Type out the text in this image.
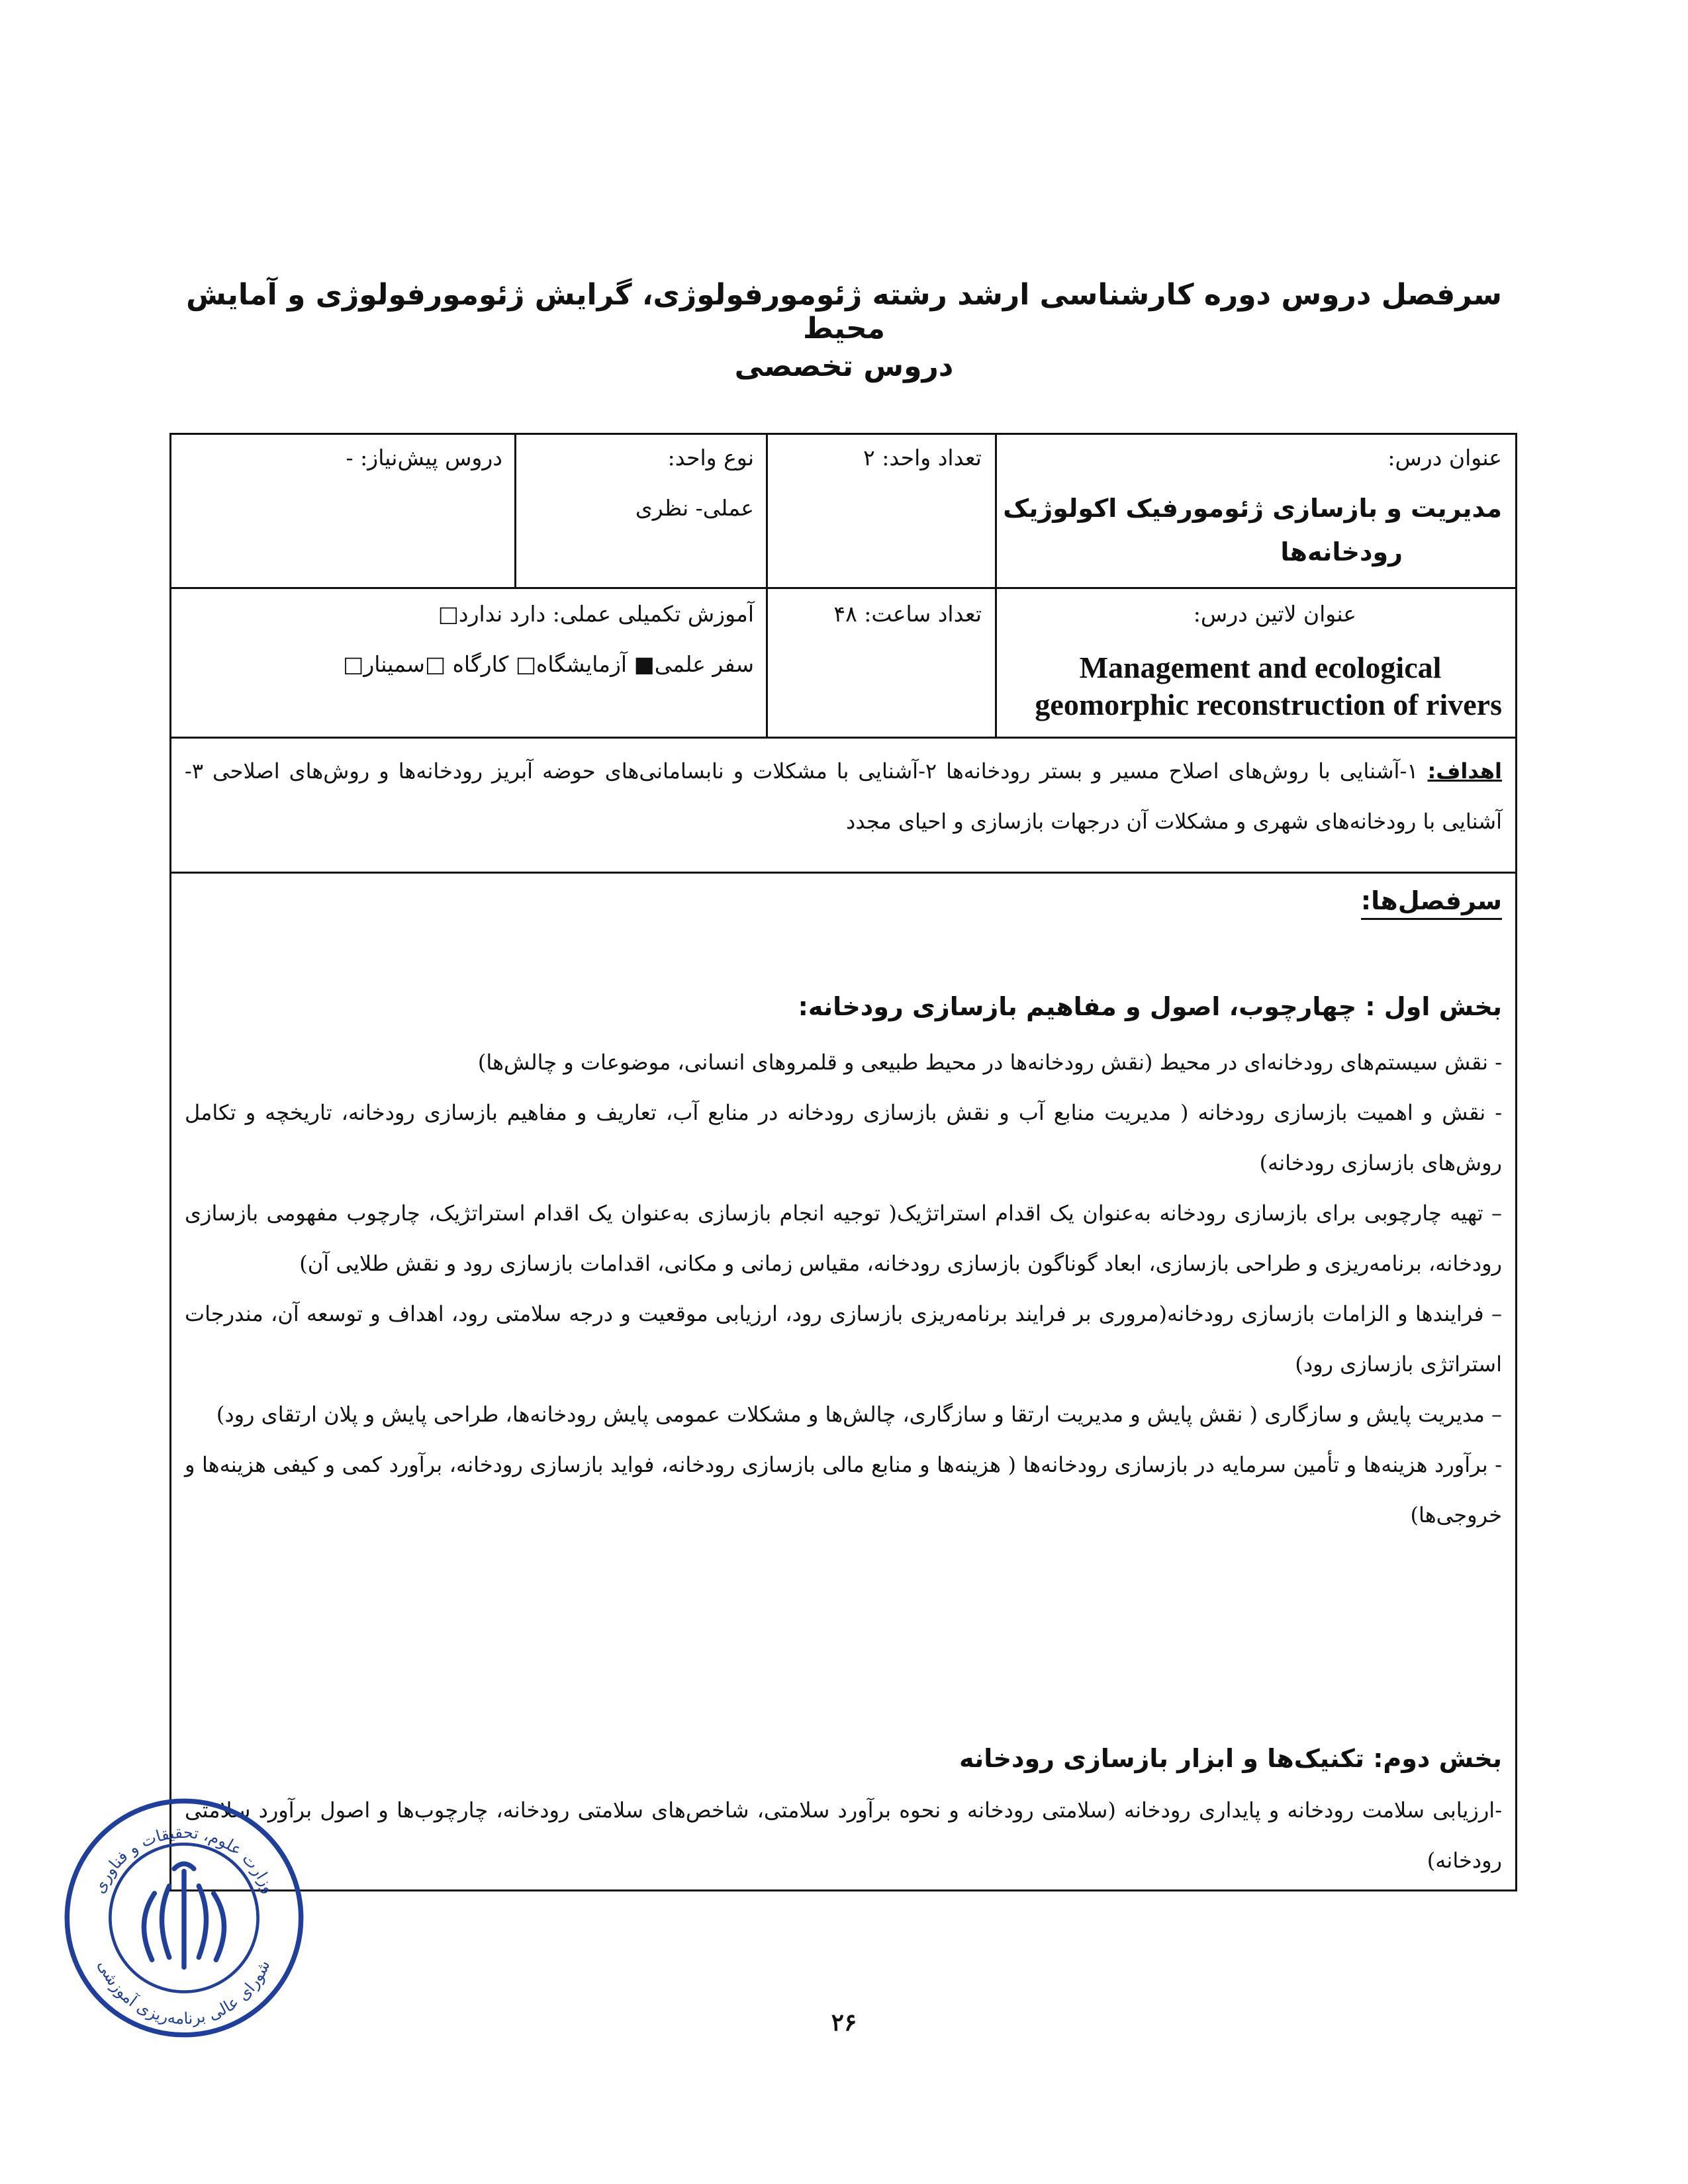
سرفصل دروس دوره کارشناسی ارشد رشته ژئومورفولوژی، گرایش ژئومورفولوژی و آمایش محیط
دروس تخصصی
عنوان درس:
مدیریت و بازسازی ژئومورفیک اکولوژیک
رودخانه‌ها
تعداد واحد: ۲
نوع واحد:
عملی- نظری
دروس پیش‌نیاز: -
عنوان لاتین درس:
Management and ecological
geomorphic reconstruction of rivers
تعداد ساعت: ۴۸
آموزش تکمیلی عملی: دارد ندارد□
سفر علمی■ آزمایشگاه□ کارگاه □سمینار□
اهداف: ۱-آشنایی با روش‌های اصلاح مسیر و بستر رودخانه‌ها ۲-آشنایی با مشکلات و نابسامانی‌های حوضه آبریز رودخانه‌ها و روش‌های اصلاحی ۳- آشنایی با رودخانه‌های شهری و مشکلات آن درجهات بازسازی و احیای مجدد
سرفصل‌ها:
بخش اول : چهارچوب، اصول و مفاهیم بازسازی رودخانه:
- نقش سیستم‌های رودخانه‌ای در محیط (نقش رودخانه‌ها در محیط طبیعی و قلمروهای انسانی، موضوعات و چالش‌ها)
- نقش و اهمیت بازسازی رودخانه ( مدیریت منابع آب و نقش بازسازی رودخانه در منابع آب، تعاریف و مفاهیم بازسازی رودخانه، تاریخچه و تکامل روش‌های بازسازی رودخانه)
– تهیه چارچوبی برای بازسازی رودخانه به‌عنوان یک اقدام استراتژیک( توجیه انجام بازسازی به‌عنوان یک اقدام استراتژیک، چارچوب مفهومی بازسازی رودخانه، برنامه‌ریزی و طراحی بازسازی، ابعاد گوناگون بازسازی رودخانه، مقیاس زمانی و مکانی، اقدامات بازسازی رود و نقش طلایی آن)
– فرایندها و الزامات بازسازی رودخانه(مروری بر فرایند برنامه‌ریزی بازسازی رود، ارزیابی موقعیت و درجه سلامتی رود، اهداف و توسعه آن، مندرجات استراتژی بازسازی رود)
– مدیریت پایش و سازگاری ( نقش پایش و مدیریت ارتقا و سازگاری، چالش‌ها و مشکلات عمومی پایش رودخانه‌ها، طراحی پایش و پلان ارتقای رود)
- برآورد هزینه‌ها و تأمین سرمایه در بازسازی رودخانه‌ها ( هزینه‌ها و منابع مالی بازسازی رودخانه، فواید بازسازی رودخانه، برآورد کمی و کیفی هزینه‌ها و خروجی‌ها)
بخش دوم: تکنیک‌ها و ابزار بازسازی رودخانه
-ارزیابی سلامت رودخانه و پایداری رودخانه (سلامتی رودخانه و نحوه برآورد سلامتی، شاخص‌های سلامتی رودخانه، چارچوب‌ها و اصول برآورد سلامتی رودخانه)
۲۶
وزارت علوم، تحقیقات و فناوری
شورای عالی برنامه‌ریزی آموزشی
